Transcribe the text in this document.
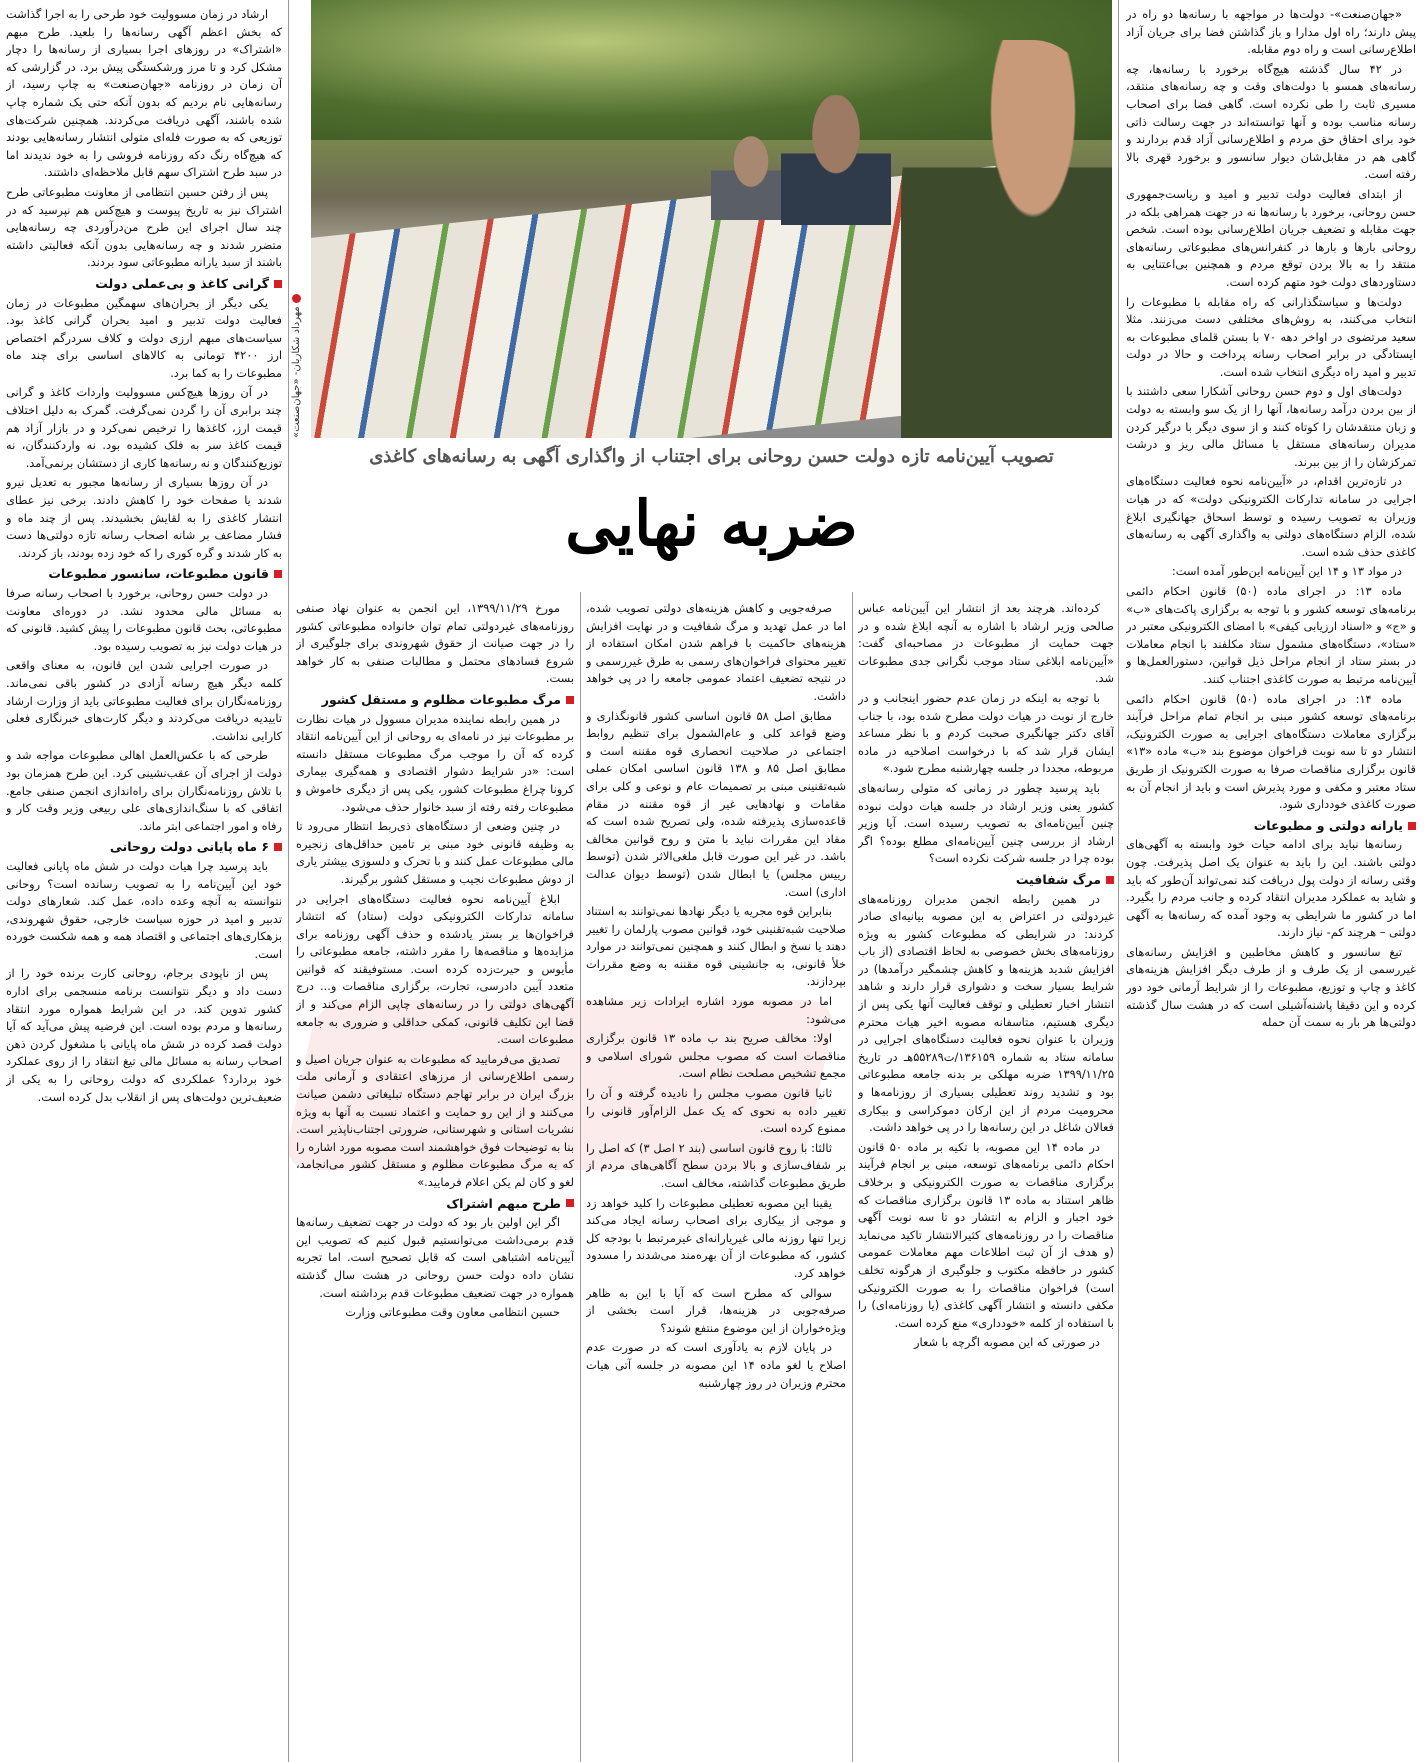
مهرداد شکاریان- «جهان‌صنعت»
تصویب آیین‌نامه تازه دولت حسن روحانی برای اجتناب از واگذاری آگهی به رسانه‌های کاغذی
ضربه نهایی

«جهان‌صنعت»- دولت‌ها در مواجهه با رسانه‌ها دو راه در پیش دارند؛ راه اول مدارا و باز گذاشتن فضا برای جریان آزاد اطلاع‌رسانی است و راه دوم مقابله.

در ۴۲ سال گذشته هیچ‌گاه برخورد با رسانه‌ها، چه رسانه‌های همسو با دولت‌های وقت و چه رسانه‌های منتقد، مسیری ثابت را طی نکرده است. گاهی فضا برای اصحاب رسانه مناسب بوده و آنها توانسته‌اند در جهت رسالت ذاتی خود برای احقاق حق مردم و اطلاع‌رسانی آزاد قدم بردارند و گاهی هم در مقابل‌شان دیوار سانسور و برخورد قهری بالا رفته است.

از ابتدای فعالیت دولت تدبیر و امید و ریاست‌جمهوری حسن روحانی، برخورد با رسانه‌ها نه در جهت همراهی بلکه در جهت مقابله و تضعیف جریان اطلاع‌رسانی بوده است. شخص روحانی بارها و بارها در کنفرانس‌های مطبوعاتی رسانه‌های منتقد را به بالا بردن توقع مردم و همچنین بی‌اعتنایی به دستاوردهای دولت خود متهم کرده است.

دولت‌ها و سیاستگذارانی که راه مقابله با مطبوعات را انتخاب می‌کنند، به روش‌های مختلفی دست می‌زنند. مثلا سعید مرتضوی در اواخر دهه ۷۰ با بستن قلمای مطبوعات به ایستادگی در برابر اصحاب رسانه پرداخت و حالا در دولت تدبیر و امید راه دیگری انتخاب شده است.

دولت‌های اول و دوم حسن روحانی آشکارا سعی داشتند با از بین بردن درآمد رسانه‌ها، آنها را از یک سو وابسته به دولت و زبان منتقدشان را کوتاه کنند و از سوی دیگر با درگیر کردن مدیران رسانه‌های مستقل با مسائل مالی ریز و درشت تمرکزشان را از بین ببرند.

در تازه‌ترین اقدام، در «آیین‌نامه نحوه فعالیت دستگاه‌های اجرایی در سامانه تدارکات الکترونیکی دولت» که در هیات وزیران به تصویب رسیده و توسط اسحاق جهانگیری ابلاغ شده، الزام دستگاه‌های دولتی به واگذاری آگهی به رسانه‌های کاغذی حذف شده است.

در مواد ۱۳ و ۱۴ این آیین‌نامه این‌طور آمده است:

ماده ۱۳: در اجرای ماده (۵۰) قانون احکام دائمی برنامه‌های توسعه کشور و با توجه به برگزاری پاکت‌های «ب» و «ج» و «اسناد ارزیابی کیفی» با امضای الکترونیکی معتبر در «ستاد»، دستگاه‌های مشمول ستاد مکلفند با انجام معاملات در بستر ستاد از انجام مراحل ذیل قوانین، دستورالعمل‌ها و آیین‌نامه مرتبط به صورت کاغذی اجتناب کنند.

ماده ۱۴: در اجرای ماده (۵۰) قانون احکام دائمی برنامه‌های توسعه کشور مبنی بر انجام تمام مراحل فرآیند برگزاری معاملات دستگاه‌های اجرایی به صورت الکترونیک، انتشار دو تا سه نوبت فراخوان موضوع بند «ب» ماده «۱۳» قانون برگزاری مناقصات صرفا به صورت الکترونیک از طریق ستاد معتبر و مکفی و مورد پذیرش است و باید از انجام آن به صورت کاغذی خودداری شود.

یارانه دولتی و مطبوعات

رسانه‌ها نباید برای ادامه حیات خود وابسته به آگهی‌های دولتی باشند. این را باید به عنوان یک اصل پذیرفت. چون وقتی رسانه از دولت پول دریافت کند نمی‌تواند آن‌طور که باید و شاید به عملکرد مدیران انتقاد کرده و جانب مردم را بگیرد. اما در کشور ما شرایطی به وجود آمده که رسانه‌ها به آگهی دولتی – هرچند کم- نیاز دارند.

تیغ سانسور و کاهش مخاطبین و افزایش رسانه‌های غیررسمی از یک طرف و از طرف دیگر افزایش هزینه‌های کاغذ و چاپ و توزیع، مطبوعات را از شرایط آرمانی خود دور کرده و این دقیقا پاشنه‌آشیلی است که در هشت سال گذشته دولتی‌ها هر بار به سمت آن حمله

کرده‌اند. هرچند بعد از انتشار این آیین‌نامه عباس صالحی وزیر ارشاد با اشاره به آنچه ابلاغ شده و در جهت حمایت از مطبوعات در مصاحبه‌ای گفت: «آیین‌نامه ابلاغی ستاد موجب نگرانی جدی مطبوعات شد.

با توجه به اینکه در زمان عدم حضور اینجانب و در خارج از نوبت در هیات دولت مطرح شده بود، با جناب آقای دکتر جهانگیری صحبت کردم و با نظر مساعد ایشان قرار شد که با درخواست اصلاحیه در ماده مربوطه، مجددا در جلسه چهارشنبه مطرح شود.»

باید پرسید چطور در زمانی که متولی رسانه‌های کشور یعنی وزیر ارشاد در جلسه هیات دولت نبوده چنین آیین‌نامه‌ای به تصویب رسیده است. آیا وزیر ارشاد از بررسی چنین آیین‌نامه‌ای مطلع بوده؟ اگر بوده چرا در جلسه شرکت نکرده است؟

مرگ شفافیت

در همین رابطه انجمن مدیران روزنامه‌های غیردولتی در اعتراض به این مصوبه بیانیه‌ای صادر کردند: در شرایطی که مطبوعات کشور به ویژه روزنامه‌های بخش خصوصی به لحاظ اقتصادی (از باب افزایش شدید هزینه‌ها و کاهش چشمگیر درآمدها) در شرایط بسیار سخت و دشواری قرار دارند و شاهد انتشار اخبار تعطیلی و توقف فعالیت آنها یکی پس از دیگری هستیم، متاسفانه مصوبه اخیر هیات محترم وزیران با عنوان نحوه فعالیت دستگاه‌های اجرایی در سامانه ستاد به شماره ۱۳۶۱۵۹/ت۵۵۲۸۹هـ در تاریخ ۱۳۹۹/۱۱/۲۵ ضربه مهلکی بر بدنه جامعه مطبوعاتی بود و تشدید روند تعطیلی بسیاری از روزنامه‌ها و محرومیت مردم از این ارکان دموکراسی و بیکاری فعالان شاغل در این رسانه‌ها را در پی خواهد داشت.

در ماده ۱۴ این مصوبه، با تکیه بر ماده ۵۰ قانون احکام دائمی برنامه‌های توسعه، مبنی بر انجام فرآیند برگزاری مناقصات به صورت الکترونیکی و برخلاف ظاهر استناد به ماده ۱۳ قانون برگزاری مناقصات که خود اجبار و الزام به انتشار دو تا سه نوبت آگهی مناقصات را در روزنامه‌های کثیرالانتشار تاکید می‌نماید (و هدف از آن ثبت اطلاعات مهم معاملات عمومی کشور در حافظه مکتوب و جلوگیری از هرگونه تخلف است) فراخوان مناقصات را به صورت الکترونیکی مکفی دانسته و انتشار آگهی کاغذی (یا روزنامه‌ای) را با استفاده از کلمه «خودداری» منع کرده است.

در صورتی که این مصوبه اگرچه با شعار

صرفه‌جویی و کاهش هزینه‌های دولتی تصویب شده، اما در عمل تهدید و مرگ شفافیت و در نهایت افزایش هزینه‌های حاکمیت با فراهم شدن امکان استفاده از تغییر محتوای فراخوان‌های رسمی به طرق غیررسمی و در نتیجه تضعیف اعتماد عمومی جامعه را در پی خواهد داشت.

مطابق اصل ۵۸ قانون اساسی کشور قانونگذاری و وضع قواعد کلی و عام‌الشمول برای تنظیم روابط اجتماعی در صلاحیت انحصاری قوه مقننه است و مطابق اصل ۸۵ و ۱۳۸ قانون اساسی امکان عملی شبه‌تقنینی مبنی بر تصمیمات عام و نوعی و کلی برای مقامات و نهادهایی غیر از قوه مقننه در مقام قاعده‌سازی پذیرفته شده، ولی تصریح شده است که مفاد این مقررات نباید با متن و روح قوانین مخالف باشد. در غیر این صورت قابل ملغی‌الاثر شدن (توسط رییس مجلس) یا ابطال شدن (توسط دیوان عدالت اداری) است.

بنابراین قوه مجریه یا دیگر نهادها نمی‌توانند به استناد صلاحیت شبه‌تقنینی خود، قوانین مصوب پارلمان را تغییر دهند یا نسخ و ابطال کنند و همچنین نمی‌توانند در موارد خلأ قانونی، به جانشینی قوه مقننه به وضع مقررات بپردازند.

اما در مصوبه مورد اشاره ایرادات زیر مشاهده می‌شود:

اولا: مخالف صریح بند ب ماده ۱۳ قانون برگزاری مناقصات است که مصوب مجلس شورای اسلامی و مجمع تشخیص مصلحت نظام است.

ثانیا قانون مصوب مجلس را نادیده گرفته و آن را تغییر داده به نحوی که یک عمل الزام‌آور قانونی را ممنوع کرده است.

ثالثا: با روح قانون اساسی (بند ۲ اصل ۳) که اصل را بر شفاف‌سازی و بالا بردن سطح آگاهی‌های مردم از طریق مطبوعات گذاشته، مخالف است.

یقینا این مصوبه تعطیلی مطبوعات را کلید خواهد زد و موجی از بیکاری برای اصحاب رسانه ایجاد می‌کند زیرا تنها روزنه مالی غیریارانه‌ای غیرمرتبط با بودجه کل کشور، که مطبوعات از آن بهره‌مند می‌شدند را مسدود خواهد کرد.

سوالی که مطرح است که آیا با این به ظاهر صرفه‌جویی در هزینه‌ها، قرار است بخشی از ویژه‌خواران از این موضوع منتفع شوند؟

در پایان لازم به یادآوری است که در صورت عدم اصلاح یا لغو ماده ۱۴ این مصوبه در جلسه آتی هیات محترم وزیران در روز چهارشنبه

مورخ ۱۳۹۹/۱۱/۲۹، این انجمن به عنوان نهاد صنفی روزنامه‌های غیردولتی تمام توان خانواده مطبوعاتی کشور را در جهت صیانت از حقوق شهروندی برای جلوگیری از شروع فسادهای محتمل و مطالبات صنفی به کار خواهد بست.

مرگ مطبوعات مظلوم و مستقل کشور

در همین رابطه نماینده مدیران مسوول در هیات نظارت بر مطبوعات نیز در نامه‌ای به روحانی از این آیین‌نامه انتقاد کرده که آن را موجب مرگ مطبوعات مستقل دانسته است: «در شرایط دشوار اقتصادی و همه‌گیری بیماری کرونا چراغ مطبوعات کشور، یکی پس از دیگری خاموش و مطبوعات رفته رفته از سبد خانوار حذف می‌شود.

در چنین وضعی از دستگاه‌های ذی‌ربط انتظار می‌رود تا به وظیفه قانونی خود مبنی بر تامین حداقل‌های زنجیره مالی مطبوعات عمل کنند و با تحرک و دلسوزی بیشتر یاری از دوش مطبوعات نجیب و مستقل کشور برگیرند.

ابلاغ آیین‌نامه نحوه فعالیت دستگاه‌های اجرایی در سامانه تدارکات الکترونیکی دولت (ستاد) که انتشار فراخوان‌ها بر بستر یادشده و حذف آگهی روزنامه برای مزایده‌ها و مناقصه‌ها را مقرر داشته، جامعه مطبوعاتی را مأیوس و حیرت‌زده کرده است. مستوفیقند که قوانین متعدد آیین دادرسی، تجارت، برگزاری مناقصات و... درج آگهی‌های دولتی را در رسانه‌های چاپی الزام می‌کند و از قضا این تکلیف قانونی، کمکی حداقلی و ضروری به جامعه مطبوعات است.

تصدیق می‌فرمایید که مطبوعات به عنوان جریان اصیل و رسمی اطلاع‌رسانی از مرزهای اعتقادی و آرمانی ملت بزرگ ایران در برابر تهاجم دستگاه تبلیغاتی دشمن صیانت می‌کنند و از این رو حمایت و اعتماد نسبت به آنها به ویژه نشریات استانی و شهرستانی، ضرورتی اجتناب‌ناپذیر است. بنا به توضیحات فوق خواهشمند است مصوبه مورد اشاره را که به مرگ مطبوعات مظلوم و مستقل کشور می‌انجامد، لغو و کان لم یکن اعلام فرمایید.»

طرح مبهم اشتراک

اگر این اولین بار بود که دولت در جهت تضعیف رسانه‌ها قدم برمی‌داشت می‌توانستیم قبول کنیم که تصویب این آیین‌نامه اشتباهی است که قابل تصحیح است. اما تجربه نشان داده دولت حسن روحانی در هشت سال گذشته همواره در جهت تضعیف مطبوعات قدم برداشته است.

حسین انتظامی معاون وقت مطبوعاتی وزارت

ارشاد در زمان مسوولیت خود طرحی را به اجرا گذاشت که بخش اعظم آگهی رسانه‌ها را بلعید. طرح مبهم «اشتراک» در روزهای اجرا بسیاری از رسانه‌ها را دچار مشکل کرد و تا مرز ورشکستگی پیش برد. در گزارشی که آن زمان در روزنامه «جهان‌صنعت» به چاپ رسید، از رسانه‌هایی نام بردیم که بدون آنکه حتی یک شماره چاپ شده باشند، آگهی دریافت می‌کردند. همچنین شرکت‌های توزیعی که به صورت فله‌ای متولی انتشار رسانه‌هایی بودند که هیچ‌گاه رنگ دکه روزنامه فروشی را به خود ندیدند اما در سبد طرح اشتراک سهم قابل ملاحظه‌ای داشتند.

پس از رفتن حسین انتظامی از معاونت مطبوعاتی طرح اشتراک نیز به تاریخ پیوست و هیچ‌کس هم نپرسید که در چند سال اجرای این طرح من‌درآوردی چه رسانه‌هایی متضرر شدند و چه رسانه‌هایی بدون آنکه فعالیتی داشته باشند از سبد یارانه مطبوعاتی سود بردند.

گرانی کاغذ و بی‌عملی دولت

یکی دیگر از بحران‌های سهمگین مطبوعات در زمان فعالیت دولت تدبیر و امید بحران گرانی کاغذ بود. سیاست‌های مبهم ارزی دولت و کلاف سردرگم اختصاص ارز ۴۲۰۰ تومانی به کالاهای اساسی برای چند ماه مطبوعات را به کما برد.

در آن روزها هیچ‌کس مسوولیت واردات کاغذ و گرانی چند برابری آن را گردن نمی‌گرفت. گمرک به دلیل اختلاف قیمت ارز، کاغذها را ترخیص نمی‌کرد و در بازار آزاد هم قیمت کاغذ سر به فلک کشیده بود. نه وارد‌کنندگان، نه توزیع‌کنندگان و نه رسانه‌ها کاری از دستشان برنمی‌آمد.

در آن روزها بسیاری از رسانه‌ها مجبور به تعدیل نیرو شدند یا صفحات خود را کاهش دادند. برخی نیز عطای انتشار کاغذی را به لقایش بخشیدند. پس از چند ماه و فشار مضاعف بر شانه اصحاب رسانه تازه دولتی‌ها دست به کار شدند و گره کوری را که خود زده بودند، باز کردند.

قانون مطبوعات، سانسور مطبوعات

در دولت حسن روحانی، برخورد با اصحاب رسانه صرفا به مسائل مالی محدود نشد. در دوره‌ای معاونت مطبوعاتی، بحث قانون مطبوعات را پیش کشید. قانونی که در هیات دولت نیز به تصویب رسیده بود.

در صورت اجرایی شدن این قانون، به معنای واقعی کلمه دیگر هیچ رسانه آزادی در کشور باقی نمی‌ماند. روزنامه‌نگاران برای فعالیت مطبوعاتی باید از وزارت ارشاد تاییدیه دریافت می‌کردند و دیگر کارت‌های خبرنگاری فعلی کارایی نداشت.

طرحی که با عکس‌العمل اهالی مطبوعات مواجه شد و دولت از اجرای آن عقب‌نشینی کرد. این طرح همزمان بود با تلاش روزنامه‌نگاران برای راه‌اندازی انجمن صنفی جامع. اتفاقی که با سنگ‌اندازی‌های علی ربیعی وزیر وقت کار و رفاه و امور اجتماعی ابتر ماند.

۶ ماه پایانی دولت روحانی

باید پرسید چرا هیات دولت در شش ماه پایانی فعالیت خود این آیین‌نامه را به تصویب رسانده است؟ روحانی نتوانسته به آنچه وعده داده، عمل کند. شعارهای دولت تدبیر و امید در حوزه سیاست خارجی، حقوق شهروندی، بزهکاری‌های اجتماعی و اقتصاد همه و همه شکست خورده است.

پس از ناپودی برجام، روحانی کارت برنده خود را از دست داد و دیگر نتوانست برنامه منسجمی برای اداره کشور تدوین کند. در این شرایط همواره مورد انتقاد رسانه‌ها و مردم بوده است. این فرضیه پیش می‌آید که آیا دولت قصد کرده در شش ماه پایانی با مشغول کردن ذهن اصحاب رسانه به مسائل مالی تیغ انتقاد را از روی عملکرد خود بردارد؟ عملکردی که دولت روحانی را به یکی از ضعیف‌ترین دولت‌های پس از انقلاب بدل کرده است.
